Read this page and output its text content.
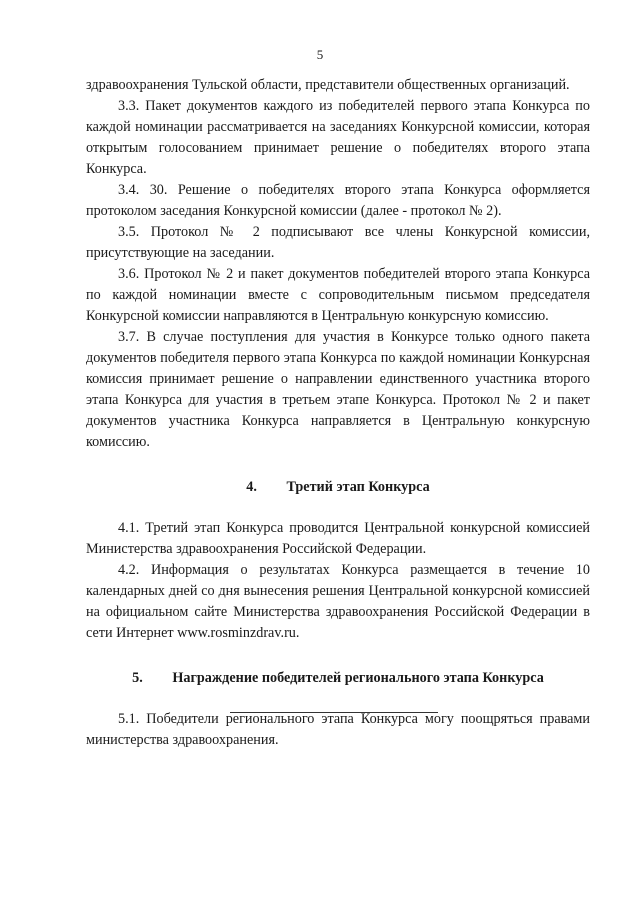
5

здравоохранения Тульской области, представители общественных организаций.

3.3. Пакет документов каждого из победителей первого этапа Конкурса по каждой номинации рассматривается на заседаниях Конкурсной комиссии, которая открытым голосованием принимает решение о победителях второго этапа Конкурса.

3.4. 30. Решение о победителях второго этапа Конкурса оформляется протоколом заседания Конкурсной комиссии (далее - протокол № 2).

3.5. Протокол № 2 подписывают все члены Конкурсной комиссии, присутствующие на заседании.

3.6. Протокол № 2 и пакет документов победителей второго этапа Конкурса по каждой номинации вместе с сопроводительным письмом председателя Конкурсной комиссии направляются в Центральную конкурсную комиссию.

3.7. В случае поступления для участия в Конкурсе только одного пакета документов победителя первого этапа Конкурса по каждой номинации Конкурсная комиссия принимает решение о направлении единственного участника второго этапа Конкурса для участия в третьем этапе Конкурса. Протокол № 2 и пакет документов участника Конкурса направляется в Центральную конкурсную комиссию.

4. Третий этап Конкурса

4.1. Третий этап Конкурса проводится Центральной конкурсной комиссией Министерства здравоохранения Российской Федерации.

4.2. Информация о результатах Конкурса размещается в течение 10 календарных дней со дня вынесения решения Центральной конкурсной комиссией на официальном сайте Министерства здравоохранения Российской Федерации в сети Интернет www.rosminzdrav.ru.

5. Награждение победителей регионального этапа Конкурса

5.1. Победители регионального этапа Конкурса могу поощряться правами министерства здравоохранения.
